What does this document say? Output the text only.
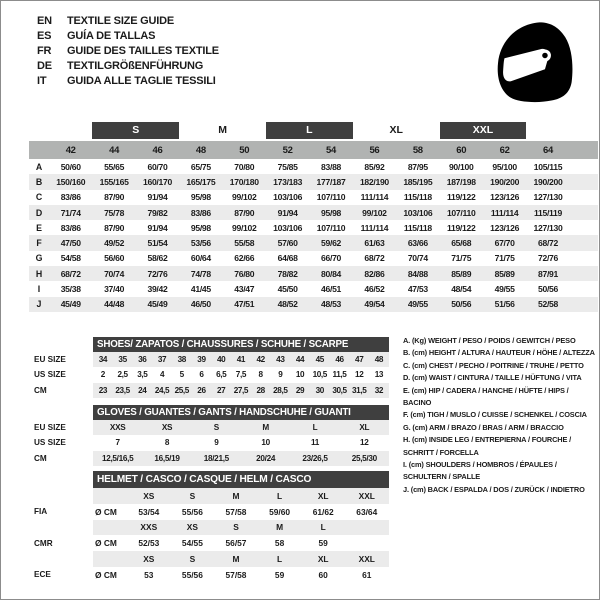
EN	TEXTILE SIZE GUIDE
ES	GUÍA DE TALLAS
FR	GUIDE DES TAILLES TEXTILE
DE	TEXTILGRÖßENFÜHRUNG
IT	GUIDA ALLE TAGLIE TESSILI
S	M	L	XL	XXL
42	44	46	48	50	52	54	56	58	60	62	64
A	50/60	55/65	60/70	65/75	70/80	75/85	83/88	85/92	87/95	90/100	95/100	105/115
B	150/160	155/165	160/170	165/175	170/180	173/183	177/187	182/190	185/195	187/198	190/200	190/200
C	83/86	87/90	91/94	95/98	99/102	103/106	107/110	111/114	115/118	119/122	123/126	127/130
D	71/74	75/78	79/82	83/86	87/90	91/94	95/98	99/102	103/106	107/110	111/114	115/119
E	83/86	87/90	91/94	95/98	99/102	103/106	107/110	111/114	115/118	119/122	123/126	127/130
F	47/50	49/52	51/54	53/56	55/58	57/60	59/62	61/63	63/66	65/68	67/70	68/72
G	54/58	56/60	58/62	60/64	62/66	64/68	66/70	68/72	70/74	71/75	71/75	72/76
H	68/72	70/74	72/76	74/78	76/80	78/82	80/84	82/86	84/88	85/89	85/89	87/91
I	35/38	37/40	39/42	41/45	43/47	45/50	46/51	46/52	47/53	48/54	49/55	50/56
J	45/49	44/48	45/49	46/50	47/51	48/52	48/53	49/54	49/55	50/56	51/56	52/58
SHOES/ ZAPATOS / CHAUSSURES / SCHUHE / SCARPE
EU SIZE	34	35	36	37	38	39	40	41	42	43	44	45	46	47	48
US SIZE	2	2,5	3,5	4	5	6	6,5	7,5	8	9	10	10,5 11,5	12	13
CM	23	23,5	24	24,5 25,5	26	27	27,5	28	28,5	29	30	30,5 31,5	32
GLOVES / GUANTES / GANTS / HANDSCHUHE / GUANTI
EU SIZE	XXS	XS	S	M	L	XL
US SIZE	7	8	9	10	11	12
CM	12,5/16,5	16,5/19	18/21,5	20/24	23/26,5	25,5/30
HELMET / CASCO / CASQUE / HELM / CASCO
XS	S	M	L	XL	XXL
FIA	Ø CM	53/54	55/56	57/58	59/60	61/62	63/64
XXS	XS	S	M	L
CMR	Ø CM	52/53	54/55	56/57	58	59
XS	S	M	L	XL	XXL
ECE	Ø CM	53	55/56	57/58	59	60	61
A. (Kg) WEIGHT / PESO / POIDS / GEWITCH / PESO
B. (cm) HEIGHT / ALTURA / HAUTEUR / HÖHE / ALTEZZA
C. (cm) CHEST / PECHO / POITRINE / TRUHE / PETTO
D. (cm) WAIST / CINTURA / TAILLE / HÜFTUNG / VITA
E. (cm) HIP / CADERA / HANCHE / HÜFTE / HIPS / BACINO
F. (cm) TIGH / MUSLO / CUISSE / SCHENKEL / COSCIA
G. (cm) ARM / BRAZO / BRAS / ARM / BRACCIO
H. (cm) INSIDE LEG / ENTREPIERNA / FOURCHE / SCHRITT / FORCELLA
I. (cm) SHOULDERS / HOMBROS / ÉPAULES / SCHULTERN / SPALLE
J. (cm) BACK / ESPALDA / DOS / ZURÜCK / INDIETRO
